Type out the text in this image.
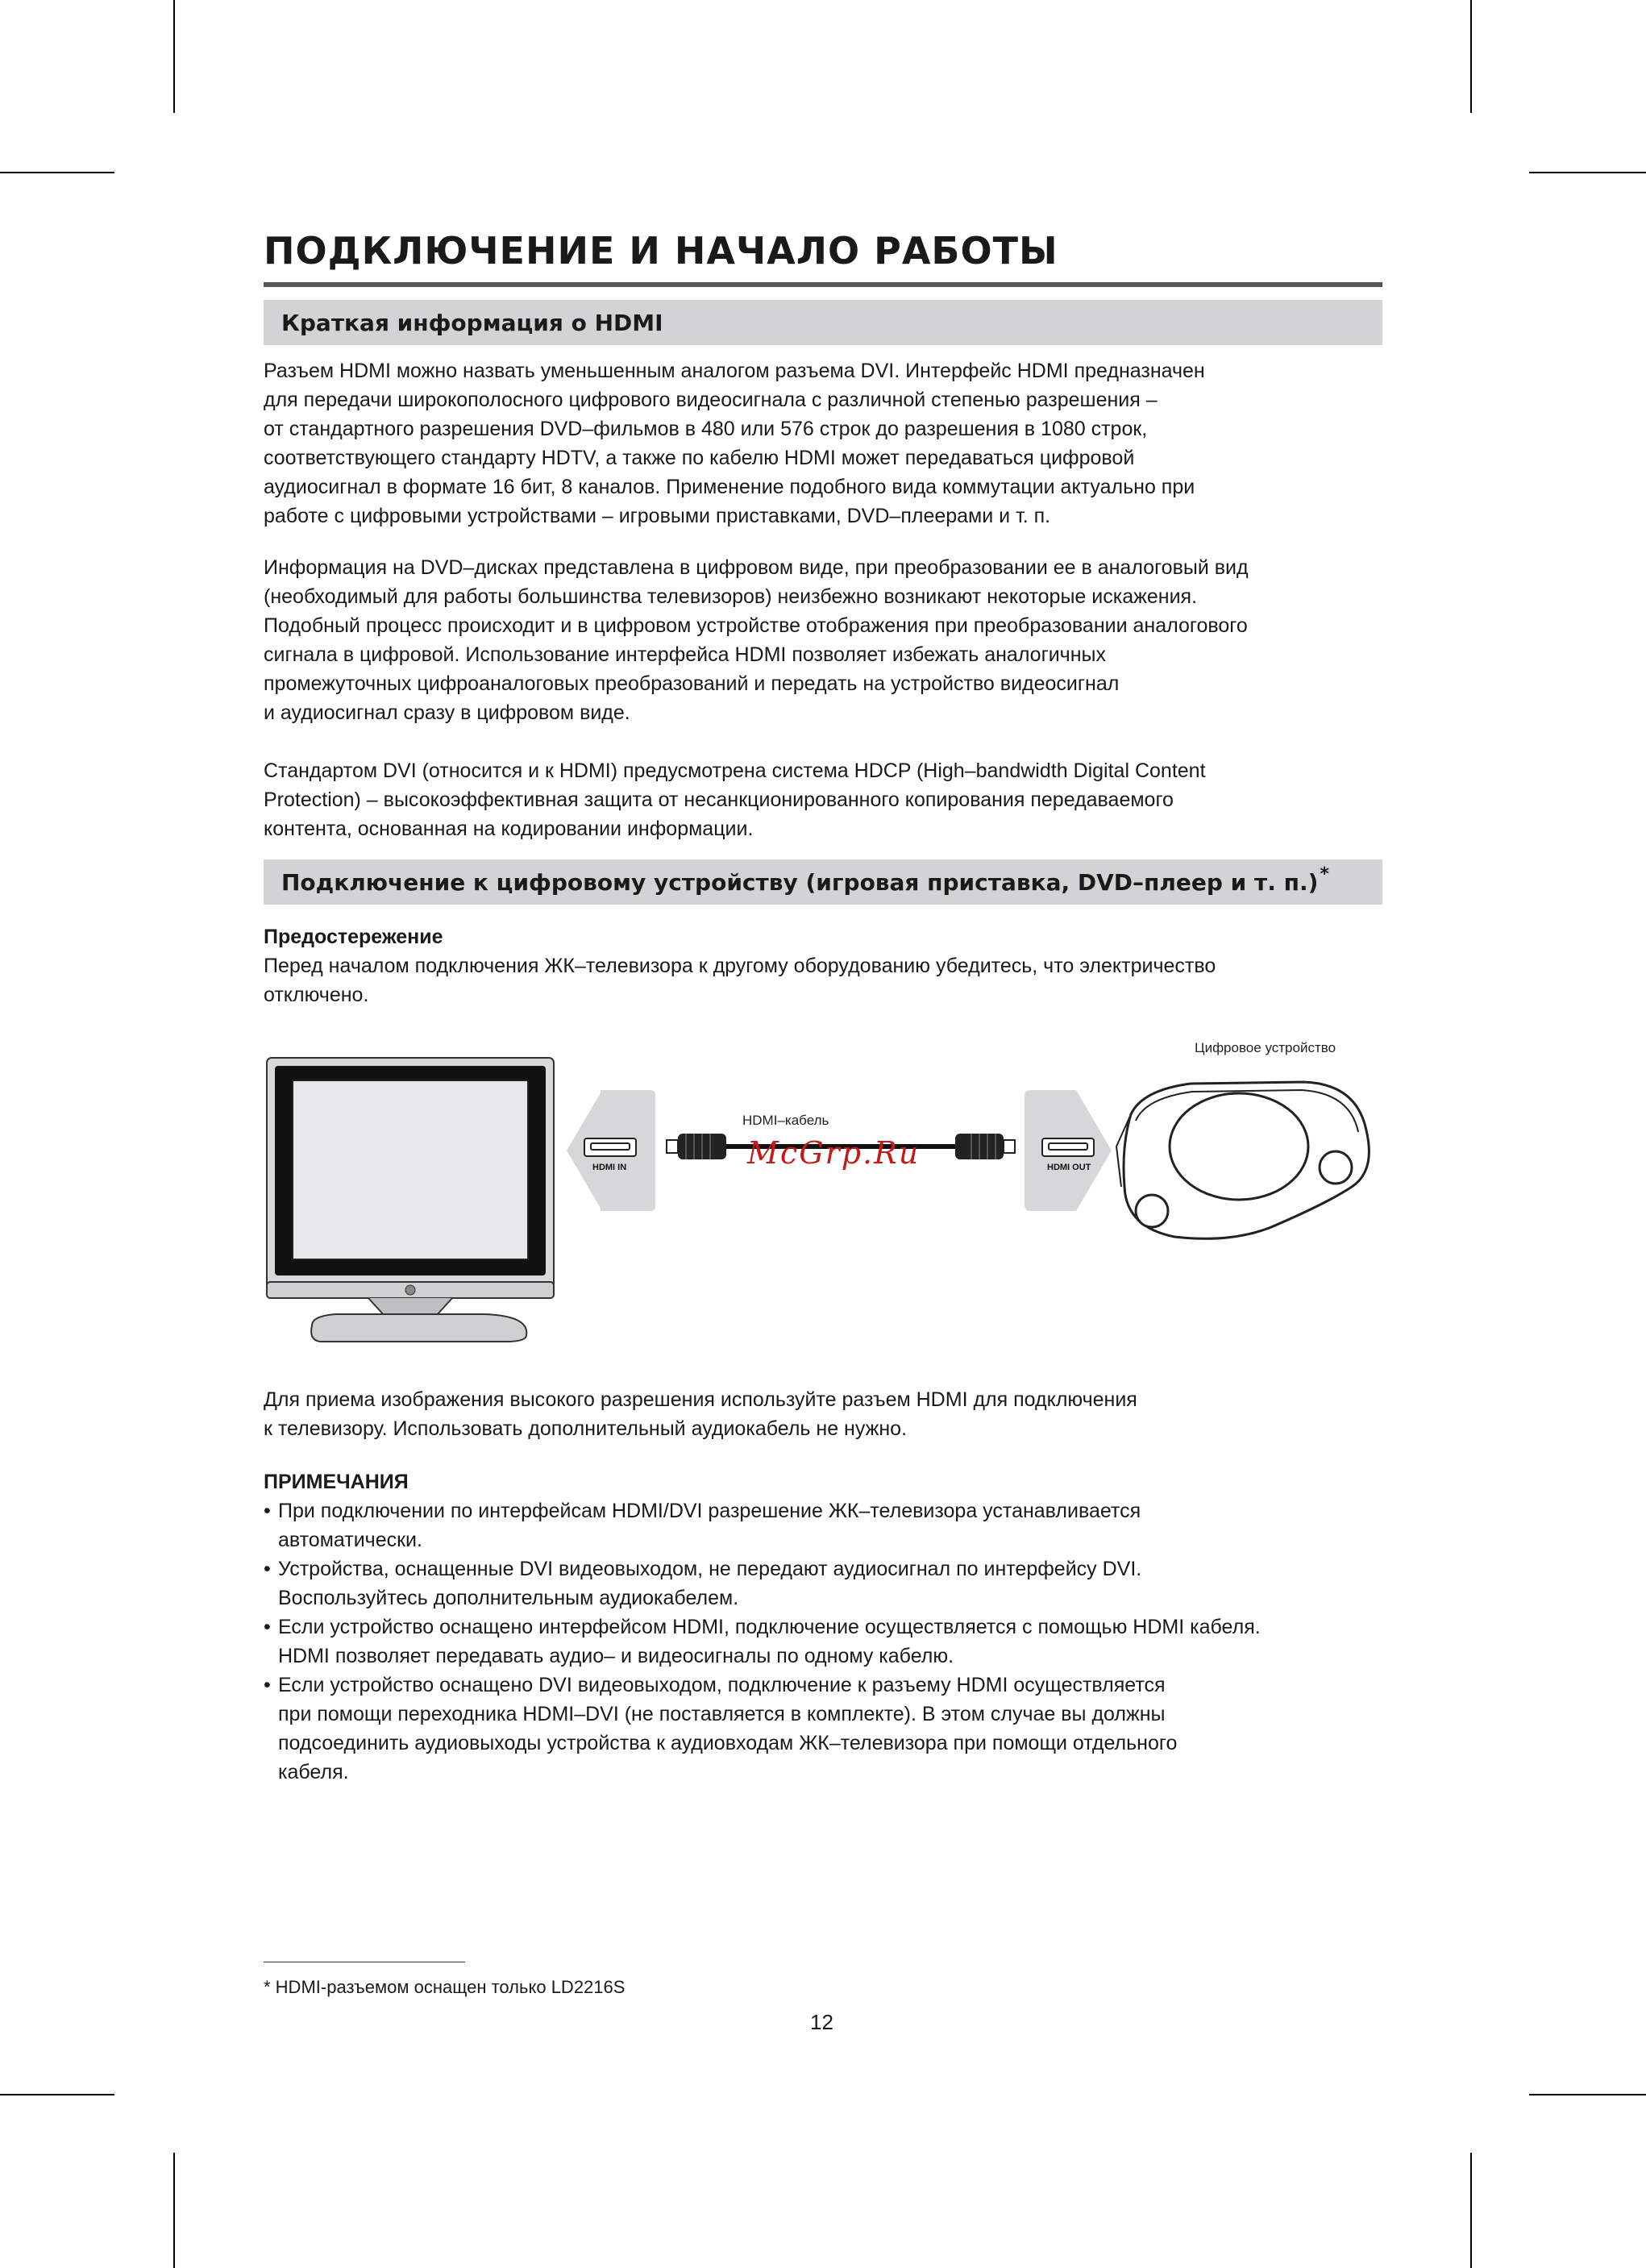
ПОДКЛЮЧЕНИЕ И НАЧАЛО РАБОТЫ
Краткая информация о HDMI
Разъем HDMI можно назвать уменьшенным аналогом разъема DVI. Интерфейс HDMI предназначен
для передачи широкополосного цифрового видеосигнала с различной степенью разрешения –
от стандартного разрешения DVD–фильмов в 480 или 576 строк до разрешения в 1080 строк,
соответствующего стандарту HDTV, а также по кабелю HDMI может передаваться цифровой
аудиосигнал в формате 16 бит, 8 каналов. Применение подобного вида коммутации актуально при
работе с цифровыми устройствами – игровыми приставками, DVD–плеерами и т. п.
Информация на DVD–дисках представлена в цифровом виде, при преобразовании ее в аналоговый вид
(необходимый для работы большинства телевизоров) неизбежно возникают некоторые искажения.
Подобный процесс происходит и в цифровом устройстве отображения при преобразовании аналогового
сигнала в цифровой. Использование интерфейса HDMI позволяет избежать аналогичных
промежуточных цифроаналоговых преобразований и передать на устройство видеосигнал
и аудиосигнал сразу в цифровом виде.
Стандартом DVI (относится и к HDMI) предусмотрена система HDCP (High–bandwidth Digital Content
Protection) – высокоэффективная защита от несанкционированного копирования передаваемого
контента, основанная на кодировании информации.
Подключение к цифровому устройству (игровая приставка, DVD–плеер и т. п.)*
Предостережение
Перед началом подключения ЖК–телевизора к другому оборудованию убедитесь, что электричество
отключено.
Цифровое устройство
HDMI–кабель
HDMI IN	HDMI OUT
McGrp.Ru
Для приема изображения высокого разрешения используйте разъем HDMI для подключения
к телевизору. Использовать дополнительный аудиокабель не нужно.
ПРИМЕЧАНИЯ
• При подключении по интерфейсам HDMI/DVI разрешение ЖК–телевизора устанавливается
автоматически.
• Устройства, оснащенные DVI видеовыходом, не передают аудиосигнал по интерфейсу DVI.
Воспользуйтесь дополнительным аудиокабелем.
• Если устройство оснащено интерфейсом HDMI, подключение осуществляется с помощью HDMI кабеля.
HDMI позволяет передавать аудио– и видеосигналы по одному кабелю.
• Если устройство оснащено DVI видеовыходом, подключение к разъему HDMI осуществляется
при помощи переходника HDMI–DVI (не поставляется в комплекте). В этом случае вы должны
подсоединить аудиовыходы устройства к аудиовходам ЖК–телевизора при помощи отдельного
кабеля.
* HDMI-разъемом оснащен только LD2216S
12
